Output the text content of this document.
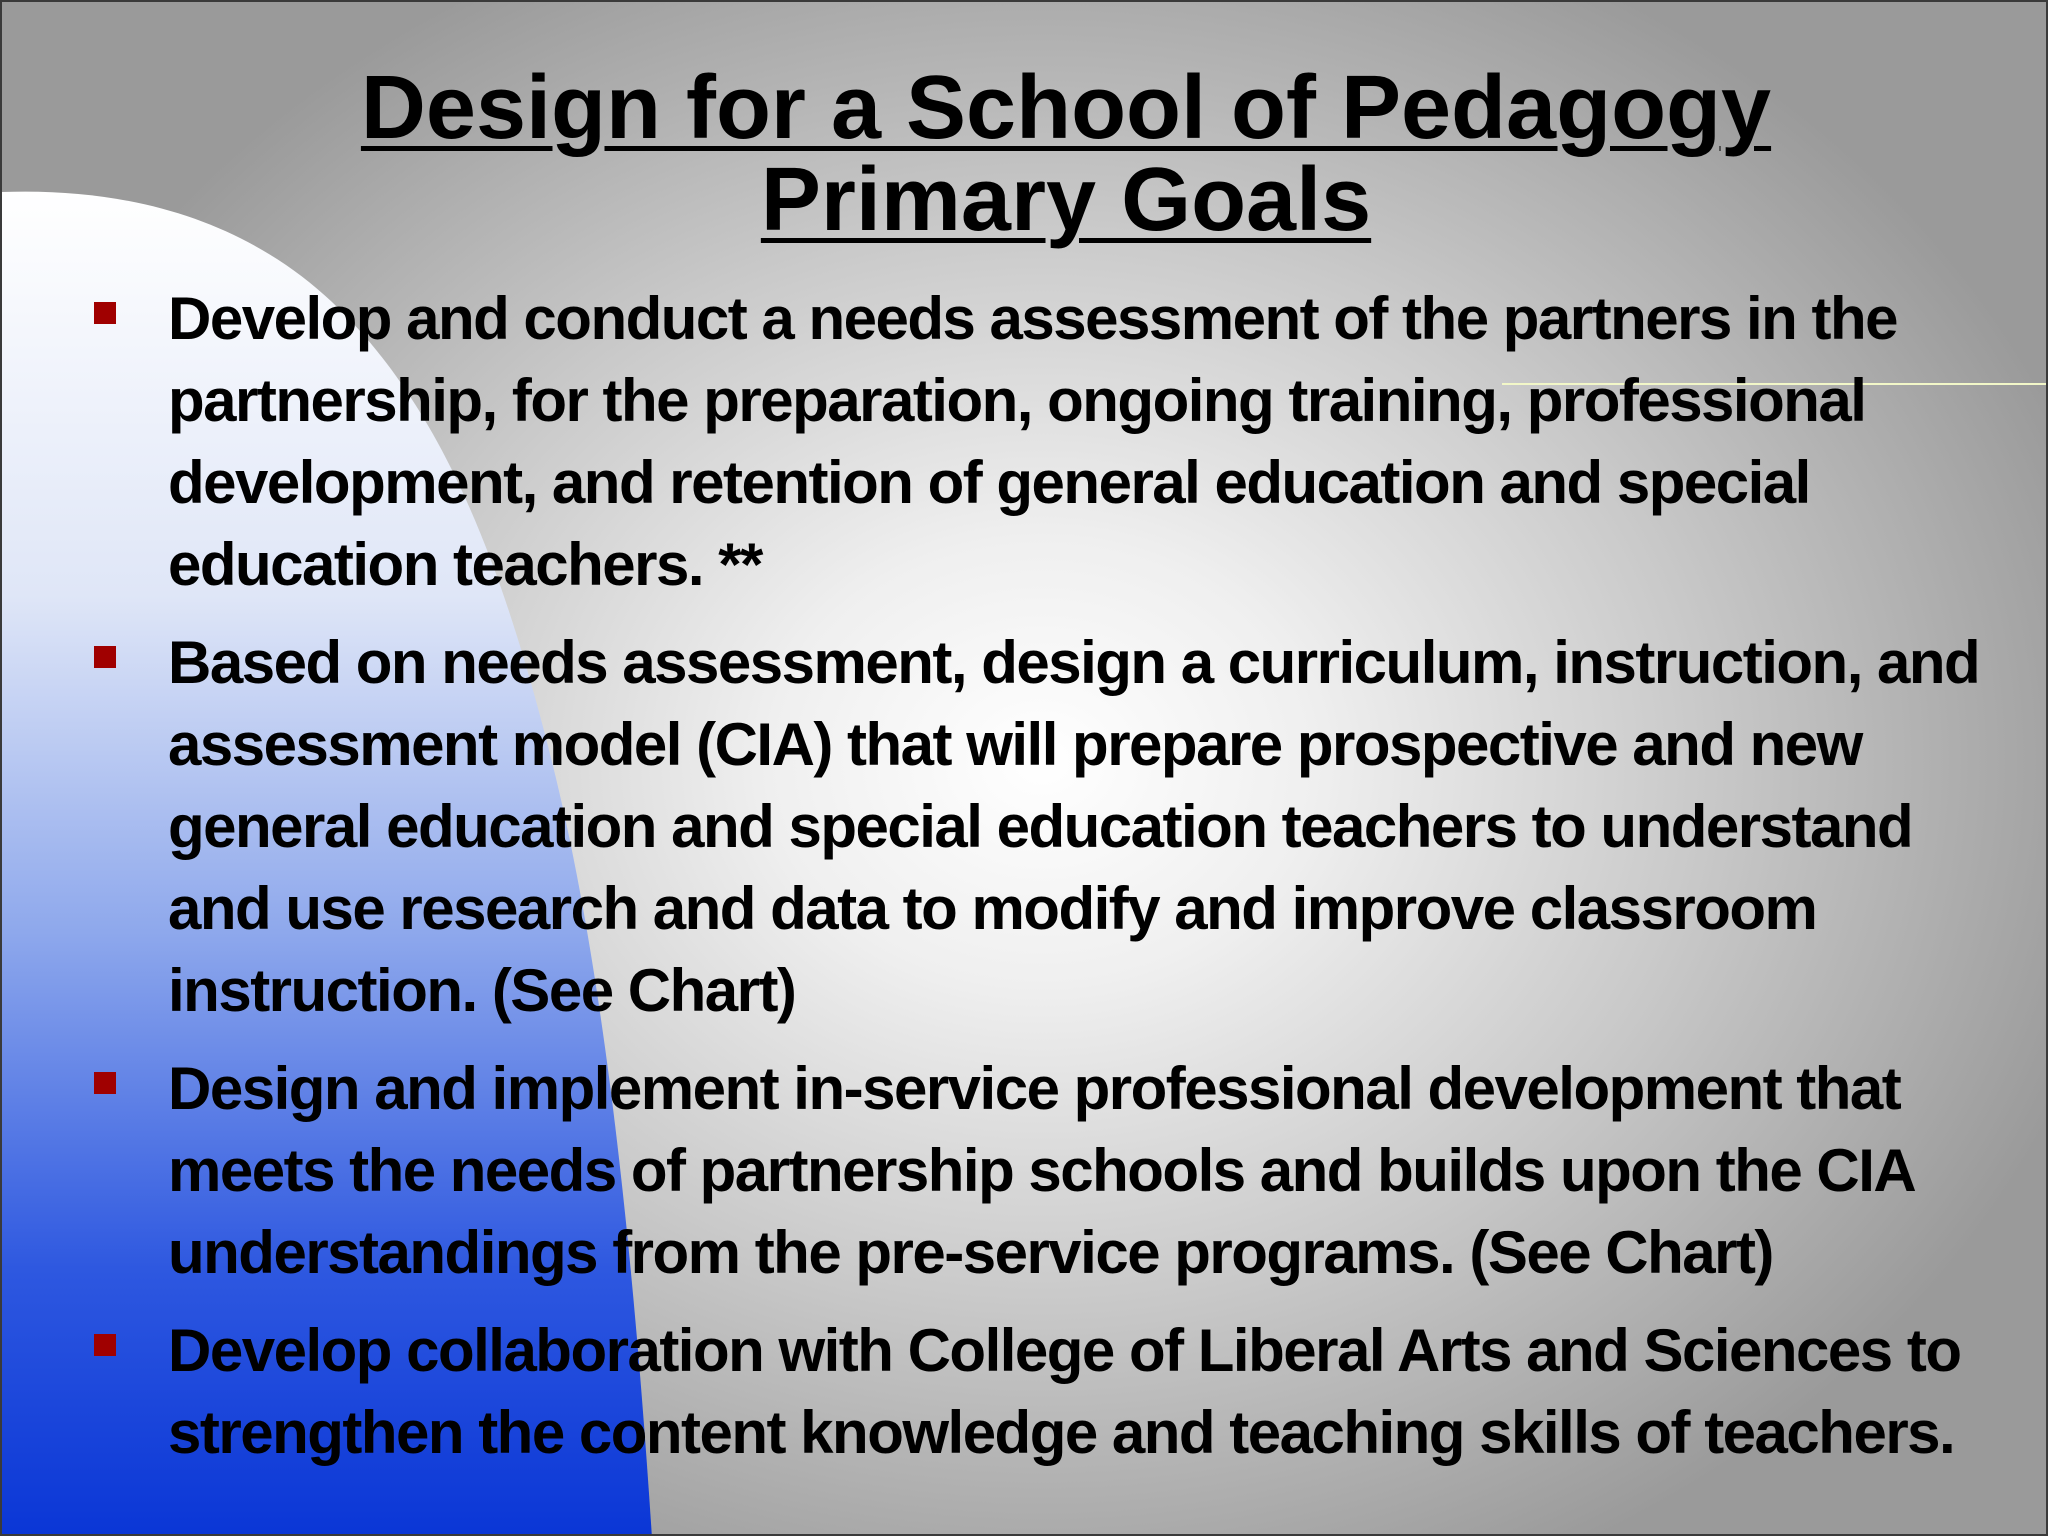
Design for a School of Pedagogy
Primary Goals
Develop and conduct a needs assessment of the partners in the partnership, for the preparation, ongoing training, professional development, and retention of general education and special education teachers. **
Based on needs assessment, design a curriculum, instruction, and assessment model (CIA) that will prepare prospective and new general education and special education teachers to understand and use research and data to modify and improve classroom instruction. (See Chart)
Design and implement in-service professional development that meets the needs of partnership schools and builds upon the CIA understandings from the pre-service programs. (See Chart)
Develop collaboration with College of Liberal Arts and Sciences to strengthen the content knowledge and teaching skills of teachers.
